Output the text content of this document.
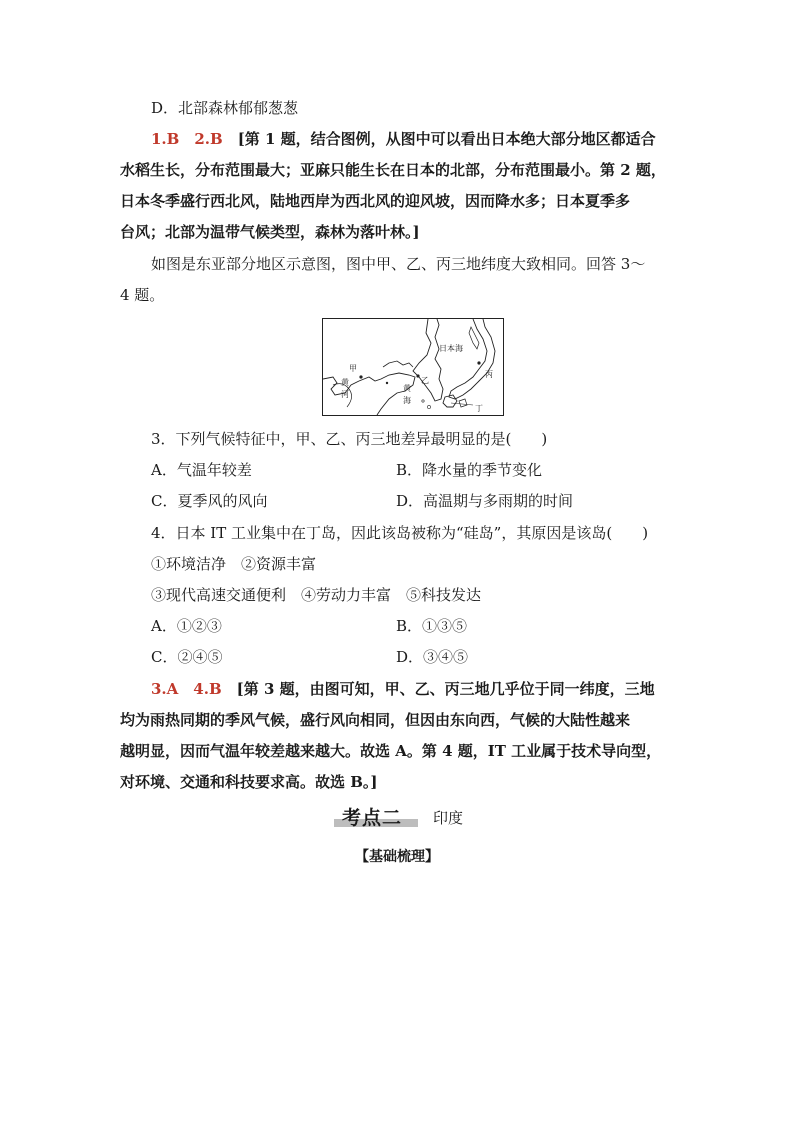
D．北部森林郁郁葱葱
1.B　2.B　 [第 1 题，结合图例，从图中可以看出日本绝大部分地区都适合
水稻生长，分布范围最大；亚麻只能生长在日本的北部，分布范围最小。第 2 题，
日本冬季盛行西北风，陆地西岸为西北风的迎风坡，因而降水多；日本夏季多
台风；北部为温带气候类型，森林为落叶林。]
如图是东亚部分地区示意图，图中甲、乙、丙三地纬度大致相同。回答 3～
4 题。
甲
乙
丙
丁
黄
河
黄
海
日本海
3．下列气候特征中，甲、乙、丙三地差异最明显的是(　　)
A．气温年较差	B．降水量的季节变化
C．夏季风的风向	D．高温期与多雨期的时间
4．日本 IT 工业集中在丁岛，因此该岛被称为“硅岛”，其原因是该岛(　　)
①环境洁净　②资源丰富
③现代高速交通便利　④劳动力丰富　⑤科技发达
A．①②③	B．①③⑤
C．②④⑤	D．③④⑤
3.A　4.B　 [第 3 题，由图可知，甲、乙、丙三地几乎位于同一纬度，三地
均为雨热同期的季风气候，盛行风向相同，但因由东向西，气候的大陆性越来
越明显，因而气温年较差越来越大。故选 A。第 4 题，IT 工业属于技术导向型，
对环境、交通和科技要求高。故选 B。]
考点二 印度
【基础梳理】
